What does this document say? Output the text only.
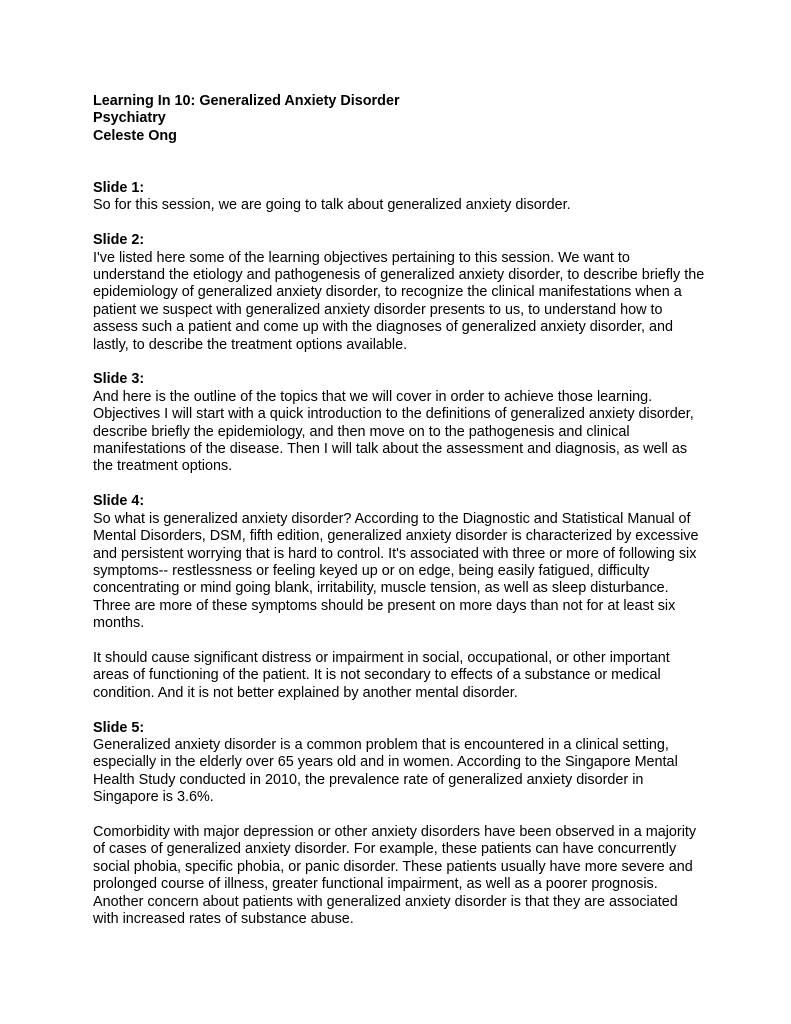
Learning In 10: Generalized Anxiety Disorder

Psychiatry

Celeste Ong

Slide 1:

So for this session, we are going to talk about generalized anxiety disorder.

Slide 2:

I've listed here some of the learning objectives pertaining to this session. We want to understand the etiology and pathogenesis of generalized anxiety disorder, to describe briefly the epidemiology of generalized anxiety disorder, to recognize the clinical manifestations when a patient we suspect with generalized anxiety disorder presents to us, to understand how to assess such a patient and come up with the diagnoses of generalized anxiety disorder, and lastly, to describe the treatment options available.

Slide 3:

And here is the outline of the topics that we will cover in order to achieve those learning. Objectives I will start with a quick introduction to the definitions of generalized anxiety disorder, describe briefly the epidemiology, and then move on to the pathogenesis and clinical manifestations of the disease. Then I will talk about the assessment and diagnosis, as well as the treatment options.

Slide 4:

So what is generalized anxiety disorder? According to the Diagnostic and Statistical Manual of Mental Disorders, DSM, fifth edition, generalized anxiety disorder is characterized by excessive and persistent worrying that is hard to control. It's associated with three or more of following six symptoms-- restlessness or feeling keyed up or on edge, being easily fatigued, difficulty concentrating or mind going blank, irritability, muscle tension, as well as sleep disturbance. Three are more of these symptoms should be present on more days than not for at least six months.

It should cause significant distress or impairment in social, occupational, or other important areas of functioning of the patient. It is not secondary to effects of a substance or medical condition. And it is not better explained by another mental disorder.

Slide 5:

Generalized anxiety disorder is a common problem that is encountered in a clinical setting, especially in the elderly over 65 years old and in women. According to the Singapore Mental Health Study conducted in 2010, the prevalence rate of generalized anxiety disorder in Singapore is 3.6%.

Comorbidity with major depression or other anxiety disorders have been observed in a majority of cases of generalized anxiety disorder. For example, these patients can have concurrently social phobia, specific phobia, or panic disorder. These patients usually have more severe and prolonged course of illness, greater functional impairment, as well as a poorer prognosis. Another concern about patients with generalized anxiety disorder is that they are associated with increased rates of substance abuse.
